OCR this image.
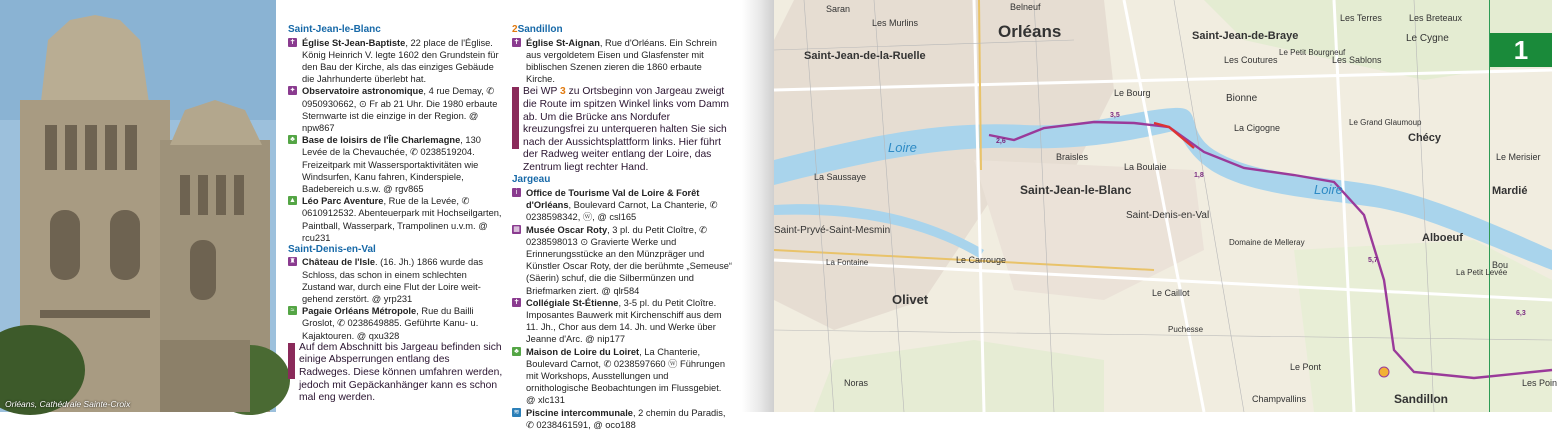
Orléans, Cathédrale Sainte-Croix

Saint-Jean-le-Blanc

✝ Église St-Jean-Baptiste, 22 place de l'Église. König Heinrich V. legte 1602 den Grundstein für den Bau der Kirche, als das einziges Gebäude die Jahrhunderte überlebt hat.

✦ Observatoire astronomique, 4 rue Demay, ✆ 0950930662, ⊙ Fr ab 21 Uhr. Die 1980 erbaute Sternwarte ist die einzige in der Region. @ npw867

♣ Base de loisirs de l'Île Charlemagne, 130 Levée de la Chevauchée, ✆ 0238519204. Freizeitpark mit Wassersportaktivitäten wie Windsurfen, Kanu fahren, Kinderspiele, Badebereich u.s.w. @ rgv865

▲ Léo Parc Aventure, Rue de la Levée, ✆ 0610912532. Abenteuerpark mit Hochseilgarten, Paintball, Wasserpark, Trampolinen u.v.m. @ rcu231

Saint-Denis-en-Val

♜ Château de l'Isle. (16. Jh.) 1866 wurde das Schloss, das schon in einem schlechten Zustand war, durch eine Flut der Loire weitgehend zerstört. @ yrp231

≈ Pagaie Orléans Métropole, Rue du Bailli Groslot, ✆ 0238649885. Geführte Kanu- u. Kajaktouren. @ qxu328

Auf dem Abschnitt bis Jargeau befinden sich einige Absperrungen entlang des Radweges. Diese können umfahren werden, jedoch mit Gepäckanhänger kann es schon mal eng werden.

2Sandillon

✝ Église St-Aignan, Rue d'Orléans. Ein Schrein aus vergoldetem Eisen und Glasfenster mit biblischen Szenen zieren die 1860 erbaute Kirche.

Bei WP 3 zu Ortsbeginn von Jargeau zweigt die Route im spitzen Winkel links vom Damm ab. Um die Brücke ans Nordufer kreuzungsfrei zu unterqueren halten Sie sich nach der Aussichtsplattform links. Hier führt der Radweg weiter entlang der Loire, das Zentrum liegt rechter Hand.

Jargeau

i Office de Tourisme Val de Loire & Forêt d'Orléans, Boulevard Carnot, La Chanterie, ✆ 0238598342, ⓦ, @ csl165

▦ Musée Oscar Roty, 3 pl. du Petit Cloître, ✆ 0238598013 ⊙ Gravierte Werke und Erinnerungsstücke an den Münzpräger und Künstler Oscar Roty, der die berühmte „Semeuse“ (Säerin) schuf, die die Silbermünzen und Briefmarken ziert. @ qlr584

✝ Collégiale St-Étienne, 3-5 pl. du Petit Cloître. Imposantes Bauwerk mit Kirchenschiff aus dem 11. Jh., Chor aus dem 14. Jh. und Werke über Jeanne d'Arc. @ nip177

♣ Maison de Loire du Loiret, La Chanterie, Boulevard Carnot, ✆ 0238597660 ⓦ Führungen mit Workshops, Ausstellungen und ornithologische Beobachtungen im Flussgebiet. @ xlc131

≋ Piscine intercommunale, 2 chemin du Paradis, ✆ 0238461591, @ oco188

Orléans
Saran	Belneuf
Les Murlins
Saint-Jean-de-la-Ruelle
Saint-Jean-de-Braye
Les Coutures
Les Terres	Les Breteaux
Le Cygne
Les Sablons
Le Petit Bourgneuf
Le Bourg	Bionne
La Cigogne
Le Grand Glaumoup
Chécy
Le Merisier
Mardié
Loire
Loire
La Saussaye
Braisles
La Boulaie
Saint-Jean-le-Blanc
Saint-Denis-en-Val
Domaine de Melleray	Alboeuf
Bou
La Petit Levée
Saint-Pryvé-Saint-Mesmin
La Fontaine	Le Carrouge
Olivet	Le Caillot
Puchesse
Noras
Le Pont
Champvallins	Sandillon
Les Poin
3,5
2,6
1,8
5,7
6,3
1
